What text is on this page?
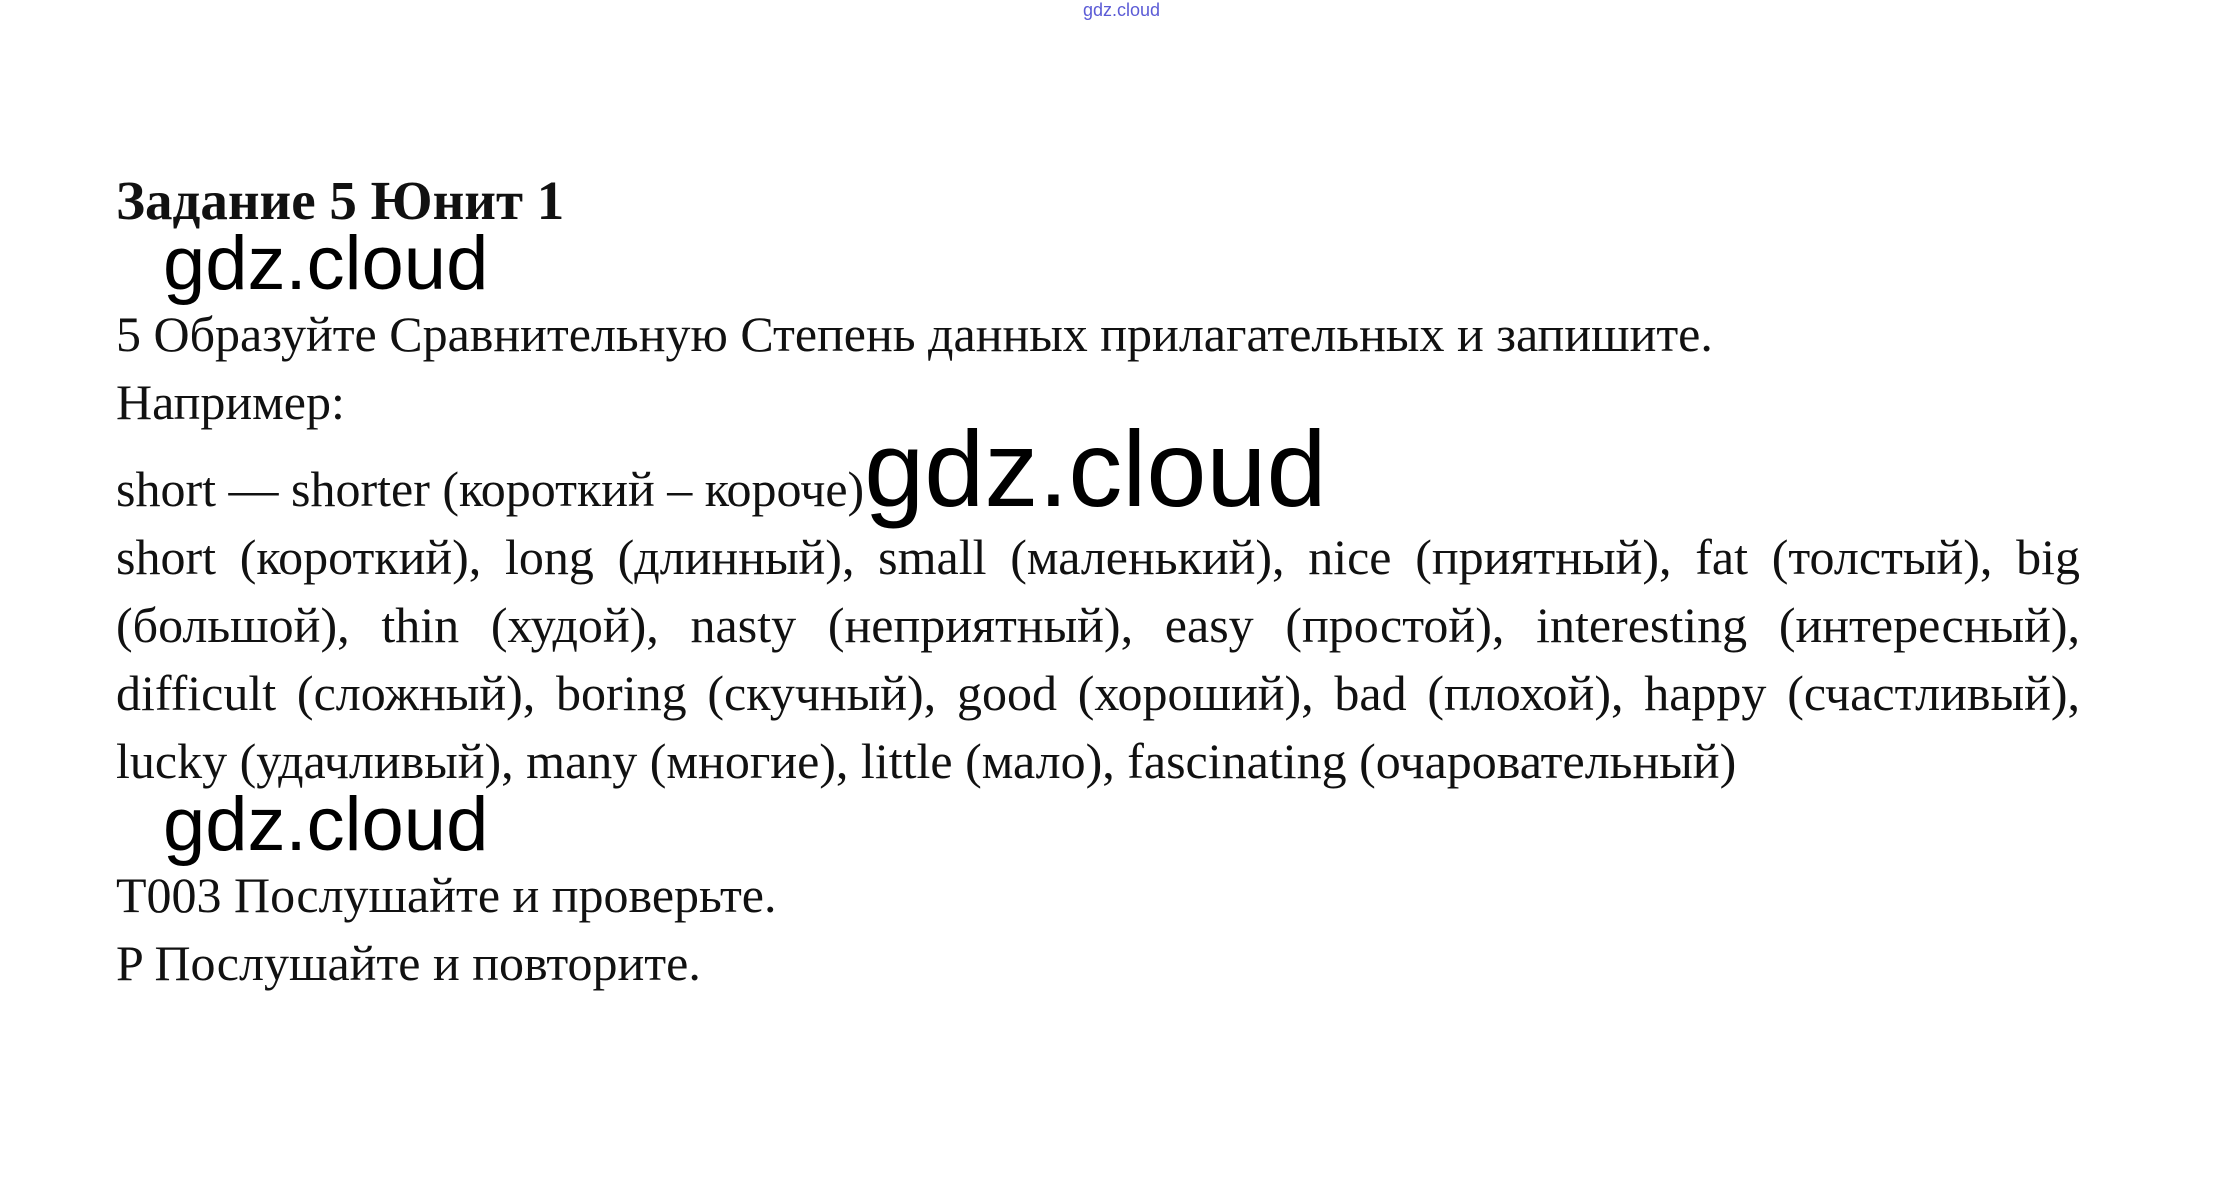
gdz.cloud

Задание 5 Юнит 1

gdz.cloud

5 Образуйте Сравнительную Степень данных прилагательных и запишите.

Например:

short — shorter (короткий – короче)gdz.cloud

short (короткий), long (длинный), small (маленький), nice (приятный), fat (толстый), big (большой), thin (худой), nasty (неприятный), easy (простой), interesting (интересный), difficult (сложный), boring (скучный), good (хороший), bad (плохой), happy (счастливый), lucky (удачливый), many (многие), little (мало), fascinating (очаровательный)

gdz.cloud

T003 Послушайте и проверьте.

P Послушайте и повторите.
